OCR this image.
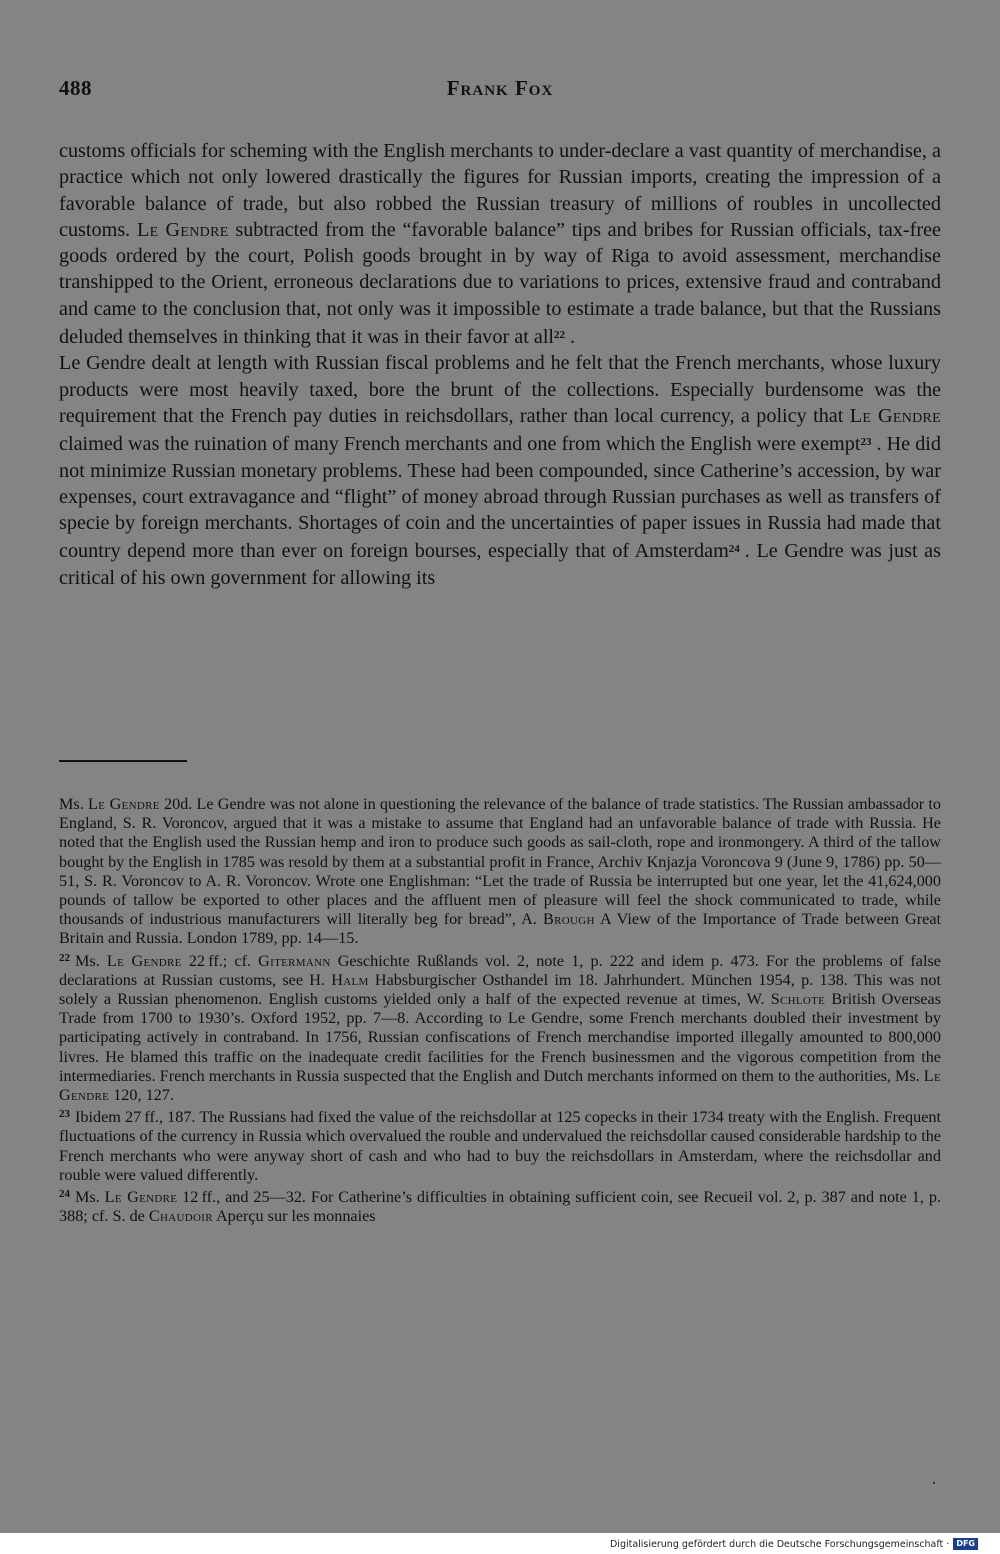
488	Frank Fox

customs officials for scheming with the English merchants to under-declare a vast quantity of merchandise, a practice which not only lowered drastically the figures for Russian imports, creating the impression of a favorable balance of trade, but also robbed the Russian treasury of millions of roubles in uncollected customs. Le Gendre subtracted from the “favorable balance” tips and bribes for Russian officials, tax-free goods ordered by the court, Polish goods brought in by way of Riga to avoid assessment, merchandise transhipped to the Orient, erroneous declarations due to variations to prices, extensive fraud and contraband and came to the conclusion that, not only was it impossible to estimate a trade balance, but that the Russians deluded themselves in thinking that it was in their favor at all$^{22}$ .

Le Gendre dealt at length with Russian fiscal problems and he felt that the French merchants, whose luxury products were most heavily taxed, bore the brunt of the collections. Especially burdensome was the requirement that the French pay duties in reichsdollars, rather than local currency, a policy that Le Gendre claimed was the ruination of many French merchants and one from which the English were exempt$^{23}$ . He did not minimize Russian monetary problems. These had been compounded, since Catherine’s accession, by war expenses, court extravagance and “flight” of money abroad through Russian purchases as well as transfers of specie by foreign merchants. Shortages of coin and the uncertainties of paper issues in Russia had made that country depend more than ever on foreign bourses, especially that of Amsterdam$^{24}$ . Le Gendre was just as critical of his own government for allowing its

Ms. Le Gendre 20d. Le Gendre was not alone in questioning the relevance of the balance of trade statistics. The Russian ambassador to England, S. R. Voroncov, argued that it was a mistake to assume that England had an unfavorable balance of trade with Russia. He noted that the English used the Russian hemp and iron to produce such goods as sail-cloth, rope and ironmongery. A third of the tallow bought by the English in 1785 was resold by them at a substantial profit in France, Archiv Knjazja Voroncova 9 (June 9, 1786) pp. 50—51, S. R. Voroncov to A. R. Voroncov. Wrote one Englishman: “Let the trade of Russia be interrupted but one year, let the 41,624,000 pounds of tallow be exported to other places and the affluent men of pleasure will feel the shock communicated to trade, while thousands of industrious manufacturers will literally beg for bread”, A. Brough A View of the Importance of Trade between Great Britain and Russia. London 1789, pp. 14—15.

$^{22}$ Ms. Le Gendre 22 ff.; cf. Gitermann Geschichte Rußlands vol. 2, note 1, p. 222 and idem p. 473. For the problems of false declarations at Russian customs, see H. Halm Habsburgischer Osthandel im 18. Jahrhundert. München 1954, p. 138. This was not solely a Russian phenomenon. English customs yielded only a half of the expected revenue at times, W. Schlote British Overseas Trade from 1700 to 1930’s. Oxford 1952, pp. 7—8. According to Le Gendre, some French merchants doubled their investment by participating actively in contraband. In 1756, Russian confiscations of French merchandise imported illegally amounted to 800,000 livres. He blamed this traffic on the inadequate credit facilities for the French businessmen and the vigorous competition from the intermediaries. French merchants in Russia suspected that the English and Dutch merchants informed on them to the authorities, Ms. Le Gendre 120, 127.

$^{23}$ Ibidem 27 ff., 187. The Russians had fixed the value of the reichsdollar at 125 copecks in their 1734 treaty with the English. Frequent fluctuations of the currency in Russia which overvalued the rouble and undervalued the reichsdollar caused considerable hardship to the French merchants who were anyway short of cash and who had to buy the reichsdollars in Amsterdam, where the reichsdollar and rouble were valued differently.

$^{24}$ Ms. Le Gendre 12 ff., and 25—32. For Catherine’s difficulties in obtaining sufficient coin, see Recueil vol. 2, p. 387 and note 1, p. 388; cf. S. de Chaudoir Aperçu sur les monnaies

Digitalisierung gefördert durch die Deutsche Forschungsgemeinschaft · DFG
